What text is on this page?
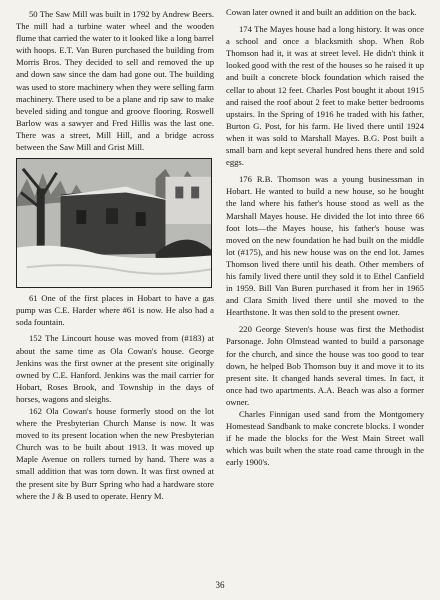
50 The Saw Mill was built in 1792 by Andrew Beers. The mill had a turbine water wheel and the wooden flume that carried the water to it looked like a long barrel with hoops. E.T. Van Buren purchased the building from Morris Bros. They decided to sell and removed the up and down saw since the dam had gone out. The building was used to store machinery when they were selling farm machinery. There used to be a plane and rip saw to make beveled siding and tongue and groove flooring. Roswell Barlow was a sawyer and Fred Hillis was the last one. There was a street, Mill Hill, and a bridge across between the Saw Mill and Grist Mill.

61 One of the first places in Hobart to have a gas pump was C.E. Harder where #61 is now. He also had a soda fountain.

152 The Lincourt house was moved from (#183) at about the same time as Ola Cowan's house. George Jenkins was the first owner at the present site originally owned by C.E. Hanford. Jenkins was the mail carrier for Hobart, Roses Brook, and Township in the days of horses, wagons and sleighs.

162 Ola Cowan's house formerly stood on the lot where the Presbyterian Church Manse is now. It was moved to its present location when the new Presbyterian Church was to be built about 1913. It was moved up Maple Avenue on rollers turned by hand. There was a small addition that was torn down. It was first owned at the present site by Burr Spring who had a hardware store where the J & B used to operate. Henry M.

Cowan later owned it and built an addition on the back.

174 The Mayes house had a long history. It was once a school and once a blacksmith shop. When Rob Thomson had it, it was at street level. He didn't think it looked good with the rest of the houses so he raised it up and built a concrete block foundation which raised the cellar to about 12 feet. Charles Post bought it about 1915 and raised the roof about 2 feet to make better bedrooms upstairs. In the Spring of 1916 he traded with his father, Burton G. Post, for his farm. He lived there until 1924 when it was sold to Marshall Mayes. B.G. Post built a small barn and kept several hundred hens there and sold eggs.

176 R.B. Thomson was a young businessman in Hobart. He wanted to build a new house, so he bought the land where his father's house stood as well as the Marshall Mayes house. He divided the lot into three 66 foot lots—the Mayes house, his father's house was moved on the new foundation he had built on the middle lot (#175), and his new house was on the end lot. James Thomson lived there until his death. Other members of his family lived there until they sold it to Ethel Canfield in 1959. Bill Van Buren purchased it from her in 1965 and Clara Smith lived there until she moved to the Hearthstone. It was then sold to the present owner.

220 George Steven's house was first the Methodist Parsonage. John Olmstead wanted to build a parsonage for the church, and since the house was too good to tear down, he helped Bob Thomson buy it and move it to its present site. It changed hands several times. In fact, it once had two apartments. A.A. Beach was also a former owner.

Charles Finnigan used sand from the Montgomery Homestead Sandbank to make concrete blocks. I wonder if he made the blocks for the West Main Street wall which was built when the state road came through in the early 1900's.

36
